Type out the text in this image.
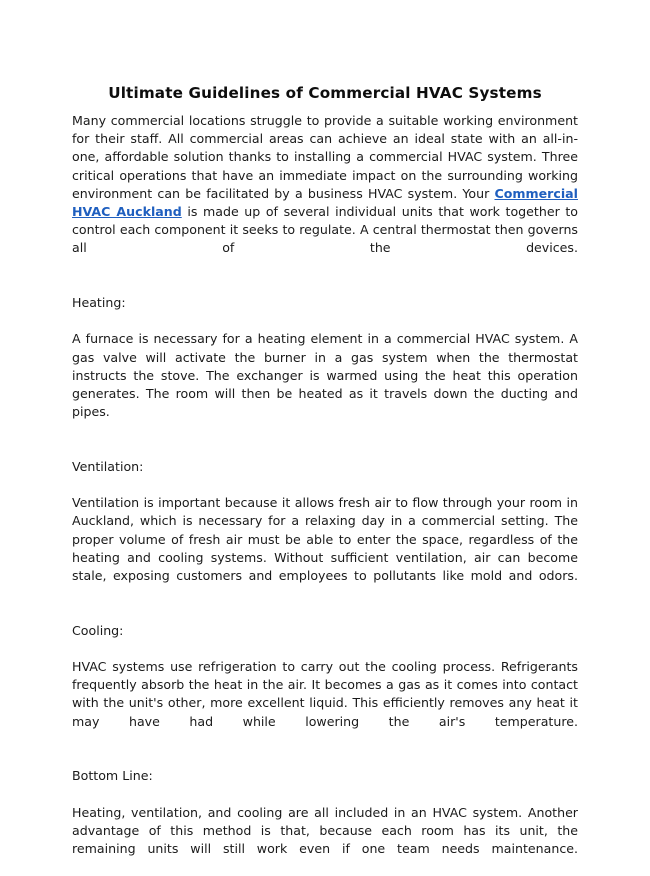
Ultimate Guidelines of Commercial HVAC Systems

Many commercial locations struggle to provide a suitable working environment for their staff. All commercial areas can achieve an ideal state with an all-in-one, affordable solution thanks to installing a commercial HVAC system. Three critical operations that have an immediate impact on the surrounding working environment can be facilitated by a business HVAC system. Your Commercial HVAC Auckland is made up of several individual units that work together to control each component it seeks to regulate. A central thermostat then governs all of the devices.

Heating:
A furnace is necessary for a heating element in a commercial HVAC system. A gas valve will activate the burner in a gas system when the thermostat instructs the stove. The exchanger is warmed using the heat this operation generates. The room will then be heated as it travels down the ducting and pipes.

Ventilation:
Ventilation is important because it allows fresh air to flow through your room in Auckland, which is necessary for a relaxing day in a commercial setting. The proper volume of fresh air must be able to enter the space, regardless of the heating and cooling systems. Without sufficient ventilation, air can become stale, exposing customers and employees to pollutants like mold and odors.

Cooling:
HVAC systems use refrigeration to carry out the cooling process. Refrigerants frequently absorb the heat in the air. It becomes a gas as it comes into contact with the unit's other, more excellent liquid. This efficiently removes any heat it may have had while lowering the air's temperature.

Bottom Line:
Heating, ventilation, and cooling are all included in an HVAC system. Another advantage of this method is that, because each room has its unit, the remaining units will still work even if one team needs maintenance.
